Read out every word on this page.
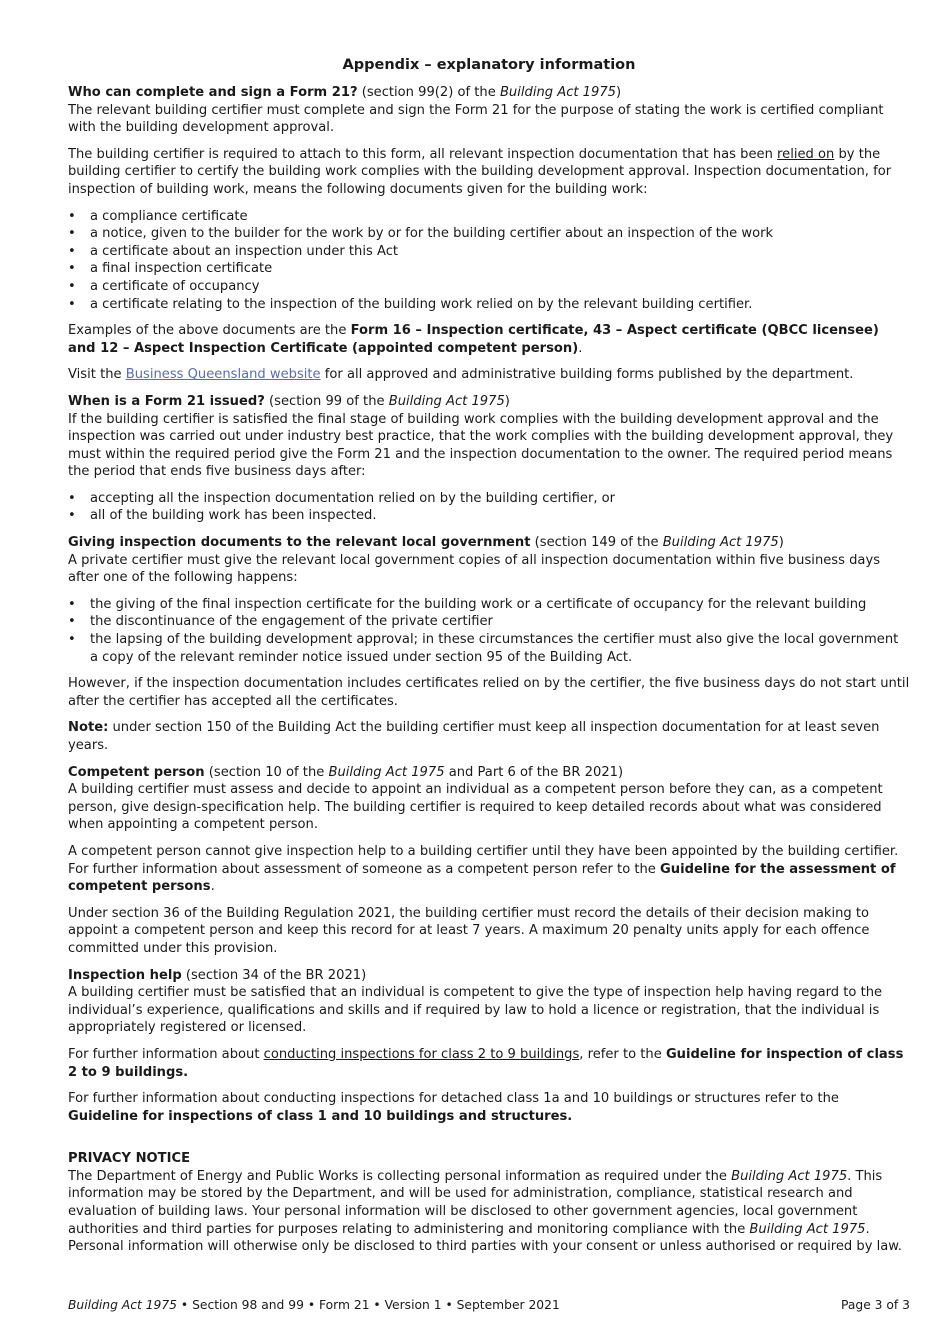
Appendix – explanatory information
Who can complete and sign a Form 21? (section 99(2) of the Building Act 1975)

The relevant building certifier must complete and sign the Form 21 for the purpose of stating the work is certified compliant with the building development approval.

The building certifier is required to attach to this form, all relevant inspection documentation that has been relied on by the building certifier to certify the building work complies with the building development approval. Inspection documentation, for inspection of building work, means the following documents given for the building work:

• a compliance certificate
• a notice, given to the builder for the work by or for the building certifier about an inspection of the work
• a certificate about an inspection under this Act
• a final inspection certificate
• a certificate of occupancy
• a certificate relating to the inspection of the building work relied on by the relevant building certifier.

Examples of the above documents are the Form 16 – Inspection certificate, 43 – Aspect certificate (QBCC licensee) and 12 – Aspect Inspection Certificate (appointed competent person).

Visit the Business Queensland website for all approved and administrative building forms published by the department.

When is a Form 21 issued? (section 99 of the Building Act 1975)

If the building certifier is satisfied the final stage of building work complies with the building development approval and the inspection was carried out under industry best practice, that the work complies with the building development approval, they must within the required period give the Form 21 and the inspection documentation to the owner. The required period means the period that ends five business days after:

• accepting all the inspection documentation relied on by the building certifier, or
• all of the building work has been inspected.
Giving inspection documents to the relevant local government (section 149 of the Building Act 1975)

A private certifier must give the relevant local government copies of all inspection documentation within five business days after one of the following happens:

• the giving of the final inspection certificate for the building work or a certificate of occupancy for the relevant building
• the discontinuance of the engagement of the private certifier
• the lapsing of the building development approval; in these circumstances the certifier must also give the local government a copy of the relevant reminder notice issued under section 95 of the Building Act.

However, if the inspection documentation includes certificates relied on by the certifier, the five business days do not start until after the certifier has accepted all the certificates.

Note: under section 150 of the Building Act the building certifier must keep all inspection documentation for at least seven years.

Competent person (section 10 of the Building Act 1975 and Part 6 of the BR 2021)

A building certifier must assess and decide to appoint an individual as a competent person before they can, as a competent person, give design-specification help. The building certifier is required to keep detailed records about what was considered when appointing a competent person.

A competent person cannot give inspection help to a building certifier until they have been appointed by the building certifier. For further information about assessment of someone as a competent person refer to the Guideline for the assessment of competent persons.

Under section 36 of the Building Regulation 2021, the building certifier must record the details of their decision making to appoint a competent person and keep this record for at least 7 years. A maximum 20 penalty units apply for each offence committed under this provision.

Inspection help (section 34 of the BR 2021)

A building certifier must be satisfied that an individual is competent to give the type of inspection help having regard to the individual’s experience, qualifications and skills and if required by law to hold a licence or registration, that the individual is appropriately registered or licensed.

For further information about conducting inspections for class 2 to 9 buildings, refer to the Guideline for inspection of class 2 to 9 buildings.

For further information about conducting inspections for detached class 1a and 10 buildings or structures refer to the Guideline for inspections of class 1 and 10 buildings and structures.

PRIVACY NOTICE

The Department of Energy and Public Works is collecting personal information as required under the Building Act 1975. This information may be stored by the Department, and will be used for administration, compliance, statistical research and evaluation of building laws. Your personal information will be disclosed to other government agencies, local government authorities and third parties for purposes relating to administering and monitoring compliance with the Building Act 1975. Personal information will otherwise only be disclosed to third parties with your consent or unless authorised or required by law.

Building Act 1975 • Section 98 and 99 • Form 21 • Version 1 • September 2021	Page 3 of 3
